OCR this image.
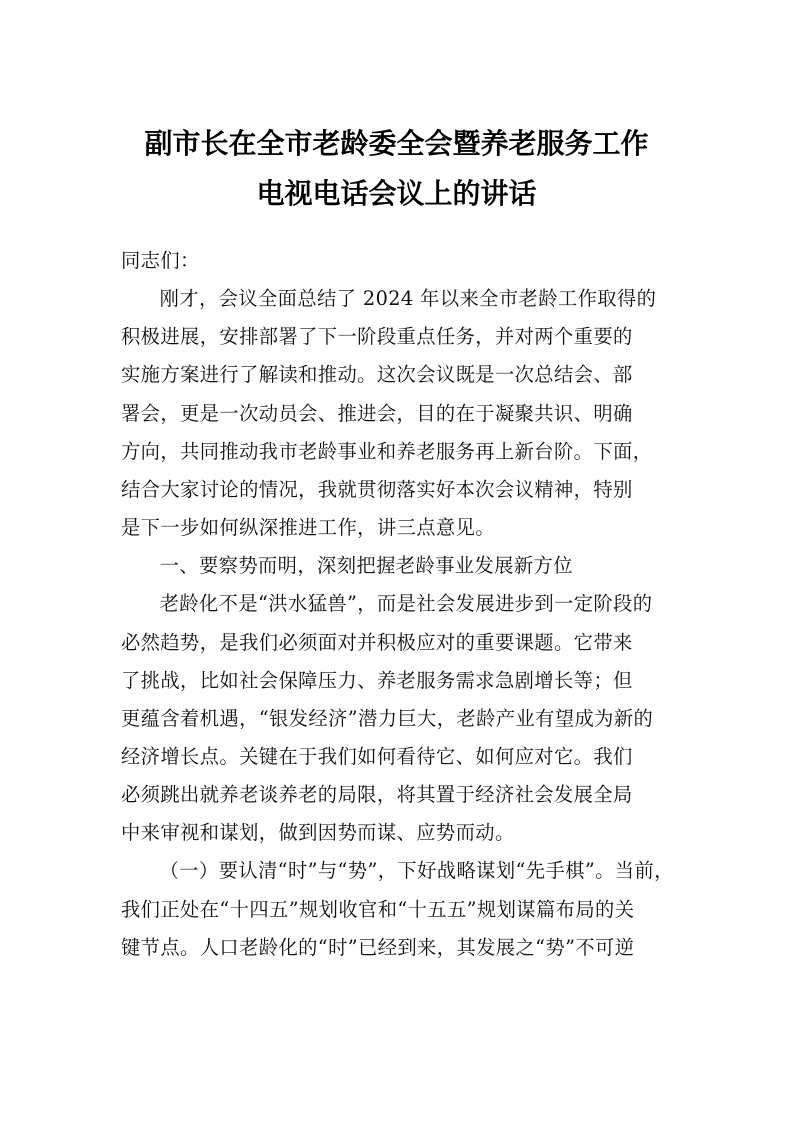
副市长在全市老龄委全会暨养老服务工作
电视电话会议上的讲话
同志们：
刚才，会议全面总结了 2024 年以来全市老龄工作取得的
积极进展，安排部署了下一阶段重点任务，并对两个重要的
实施方案进行了解读和推动。这次会议既是一次总结会、部
署会，更是一次动员会、推进会，目的在于凝聚共识、明确
方向，共同推动我市老龄事业和养老服务再上新台阶。下面，
结合大家讨论的情况，我就贯彻落实好本次会议精神，特别
是下一步如何纵深推进工作，讲三点意见。
一、要察势而明，深刻把握老龄事业发展新方位
老龄化不是“洪水猛兽”，而是社会发展进步到一定阶段的
必然趋势，是我们必须面对并积极应对的重要课题。它带来
了挑战，比如社会保障压力、养老服务需求急剧增长等；但
更蕴含着机遇，“银发经济”潜力巨大，老龄产业有望成为新的
经济增长点。关键在于我们如何看待它、如何应对它。我们
必须跳出就养老谈养老的局限，将其置于经济社会发展全局
中来审视和谋划，做到因势而谋、应势而动。
（一）要认清“时”与“势”，下好战略谋划“先手棋”。当前，
我们正处在“十四五”规划收官和“十五五”规划谋篇布局的关
键节点。人口老龄化的“时”已经到来，其发展之“势”不可逆
